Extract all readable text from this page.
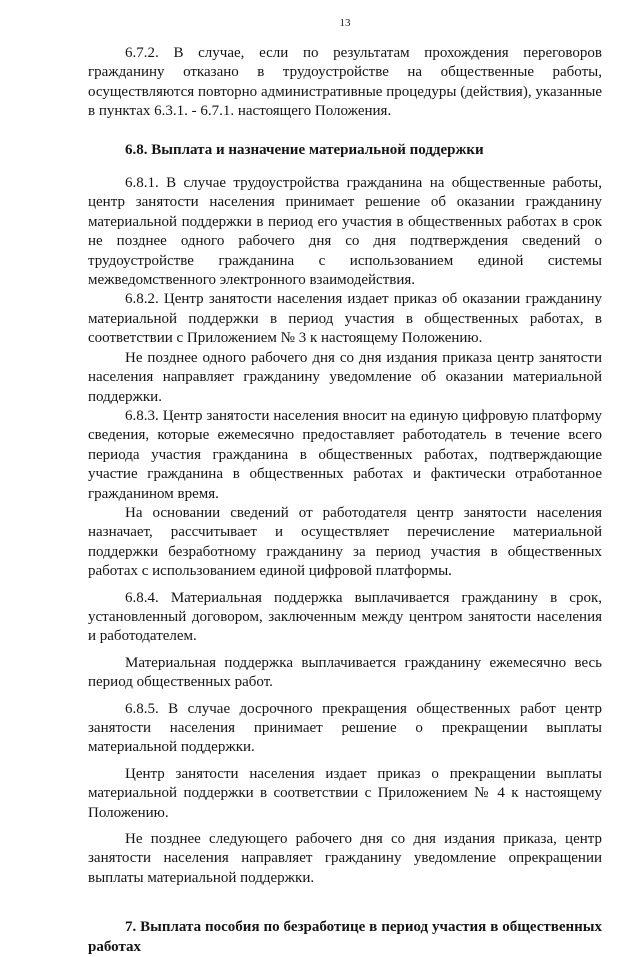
13

6.7.2. В случае, если по результатам прохождения переговоров гражданину отказано в трудоустройстве на общественные работы, осуществляются повторно административные процедуры (действия), указанные в пунктах 6.3.1. - 6.7.1. настоящего Положения.

6.8. Выплата и назначение материальной поддержки

6.8.1. В случае трудоустройства гражданина на общественные работы, центр занятости населения принимает решение об оказании гражданину материальной поддержки в период его участия в общественных работах в срок не позднее одного рабочего дня со дня подтверждения сведений о трудоустройстве гражданина с использованием единой системы межведомственного электронного взаимодействия.

6.8.2. Центр занятости населения издает приказ об оказании гражданину материальной поддержки в период участия в общественных работах, в соответствии с Приложением № 3 к настоящему Положению.

Не позднее одного рабочего дня со дня издания приказа центр занятости населения направляет гражданину уведомление об оказании материальной поддержки.

6.8.3. Центр занятости населения вносит на единую цифровую платформу сведения, которые ежемесячно предоставляет работодатель в течение всего периода участия гражданина в общественных работах, подтверждающие участие гражданина в общественных работах и фактически отработанное гражданином время.

На основании сведений от работодателя центр занятости населения назначает, рассчитывает и осуществляет перечисление материальной поддержки безработному гражданину за период участия в общественных работах с использованием единой цифровой платформы.

6.8.4. Материальная поддержка выплачивается гражданину в срок, установленный договором, заключенным между центром занятости населения и работодателем.

Материальная поддержка выплачивается гражданину ежемесячно весь период общественных работ.

6.8.5. В случае досрочного прекращения общественных работ центр занятости населения принимает решение о прекращении выплаты материальной поддержки.

Центр занятости населения издает приказ о прекращении выплаты материальной поддержки в соответствии с Приложением № 4 к настоящему Положению.

Не позднее следующего рабочего дня со дня издания приказа, центр занятости населения направляет гражданину уведомление опрекращении выплаты материальной поддержки.

7. Выплата пособия по безработице в период участия в общественных работах
